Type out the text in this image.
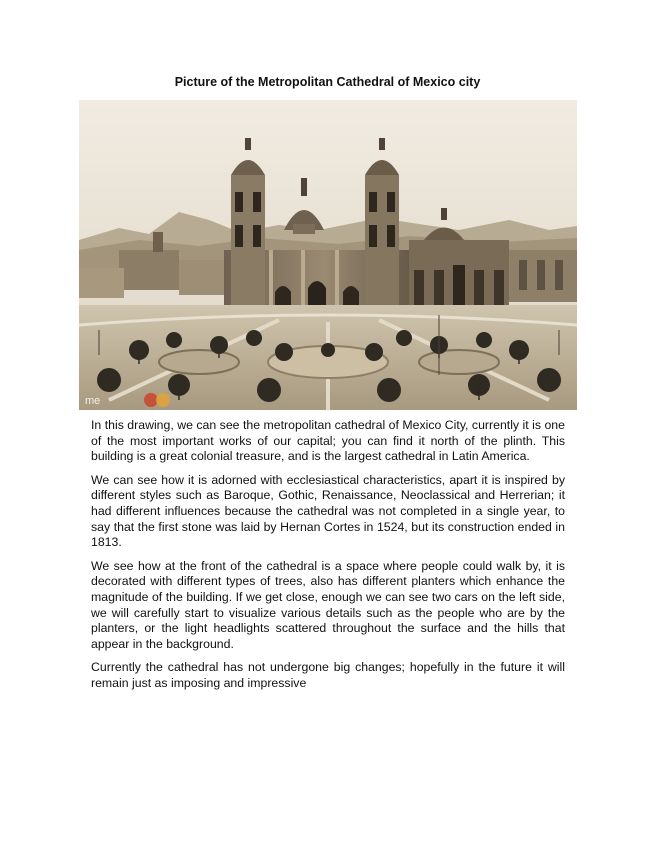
Picture of the Metropolitan Cathedral of Mexico city
me

In this drawing, we can see the metropolitan cathedral of Mexico City, currently it is one of the most important works of our capital; you can find it north of the plinth. This building is a great colonial treasure, and is the largest cathedral in Latin America.

We can see how it is adorned with ecclesiastical characteristics, apart it is inspired by different styles such as Baroque, Gothic, Renaissance, Neoclassical and Herrerian; it had different influences because the cathedral was not completed in a single year, to say that the first stone was laid by Hernan Cortes in 1524, but its construction ended in 1813.

We see how at the front of the cathedral is a space where people could walk by, it is decorated with different types of trees, also has different planters which enhance the magnitude of the building. If we get close, enough we can see two cars on the left side, we will carefully start to visualize various details such as the people who are by the planters, or the light headlights scattered throughout the surface and the hills that appear in the background.

Currently the cathedral has not undergone big changes; hopefully in the future it will remain just as imposing and impressive
